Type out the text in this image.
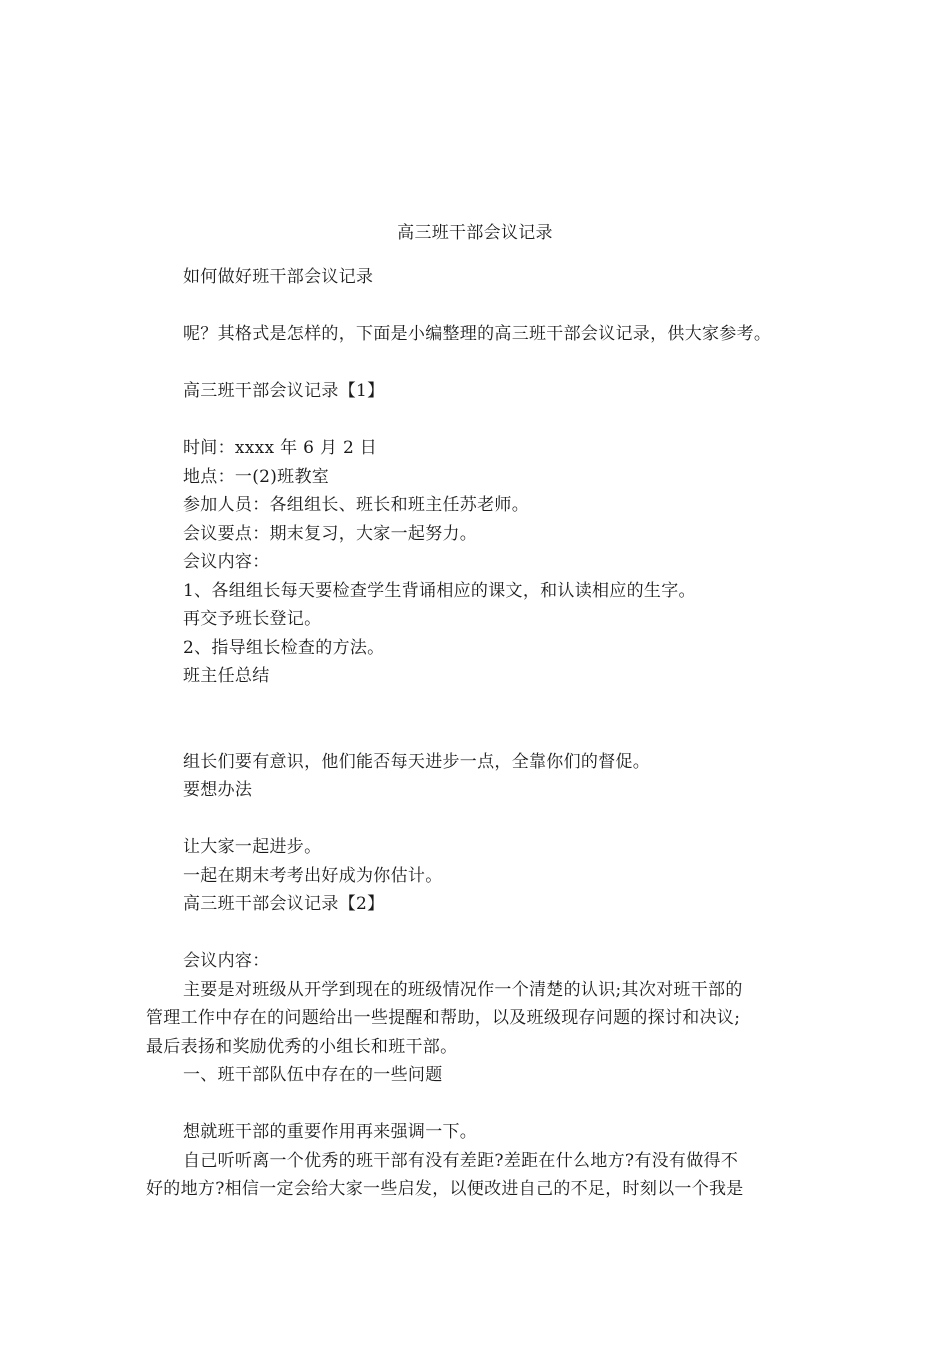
高三班干部会议记录
如何做好班干部会议记录
呢？其格式是怎样的，下面是小编整理的高三班干部会议记录，供大家参考。
高三班干部会议记录【1】
时间：xxxx 年 6 月 2 日
地点：一(2)班教室
参加人员：各组组长、班长和班主任苏老师。
会议要点：期末复习，大家一起努力。
会议内容：
1、各组组长每天要检查学生背诵相应的课文，和认读相应的生字。
再交予班长登记。
2、指导组长检查的方法。
班主任总结
组长们要有意识，他们能否每天进步一点，全靠你们的督促。
要想办法
让大家一起进步。
一起在期末考考出好成为你估计。
高三班干部会议记录【2】
会议内容：
主要是对班级从开学到现在的班级情况作一个清楚的认识;其次对班干部的
管理工作中存在的问题给出一些提醒和帮助，以及班级现存问题的探讨和决议;
最后表扬和奖励优秀的小组长和班干部。
一、班干部队伍中存在的一些问题
想就班干部的重要作用再来强调一下。
自己听听离一个优秀的班干部有没有差距?差距在什么地方?有没有做得不
好的地方?相信一定会给大家一些启发，以便改进自己的不足，时刻以一个我是
